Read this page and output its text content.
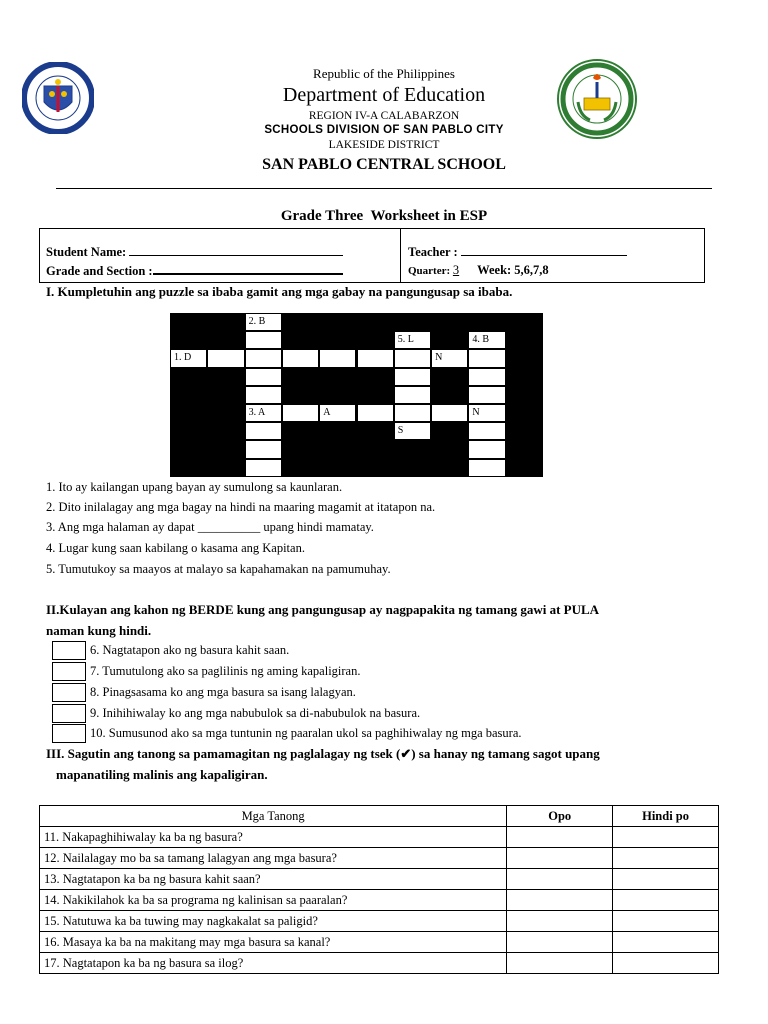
Republic of the Philippines
Department of Education
REGION IV-A CALABARZON
SCHOOLS DIVISION OF SAN PABLO CITY
LAKESIDE DISTRICT
SAN PABLO CENTRAL SCHOOL
Grade Three  Worksheet in ESP
Student Name:
Grade and Section :
Teacher :
Quarter: 3 Week: 5,6,7,8
I. Kumpletuhin ang puzzle sa ibaba gamit ang mga gabay na pangungusap sa ibaba.
2. B
5. L	4. B
1. D	N
3. A	A	N
S
1. Ito ay kailangan upang bayan ay sumulong sa kaunlaran.
2. Dito inilalagay ang mga bagay na hindi na maaring magamit at itatapon na.
3. Ang mga halaman ay dapat __________ upang hindi mamatay.
4. Lugar kung saan kabilang o kasama ang Kapitan.
5. Tumutukoy sa maayos at malayo sa kapahamakan na pamumuhay.
II.Kulayan ang kahon ng BERDE kung ang pangungusap ay nagpapakita ng tamang gawi at PULA
naman kung hindi.
6. Nagtatapon ako ng basura kahit saan.
7. Tumutulong ako sa paglilinis ng aming kapaligiran.
8. Pinagsasama ko ang mga basura sa isang lalagyan.
9. Inihihiwalay ko ang mga nabubulok sa di-nabubulok na basura.
10. Sumusunod ako sa mga tuntunin ng paaralan ukol sa paghihiwalay ng mga basura.
III. Sagutin ang tanong sa pamamagitan ng paglalagay ng tsek (✔) sa hanay ng tamang sagot upang
mapanatiling malinis ang kapaligiran.
Mga Tanong	Opo	Hindi po
11. Nakapaghihiwalay ka ba ng basura?		
12. Nailalagay mo ba sa tamang lalagyan ang mga basura?		
13. Nagtatapon ka ba ng basura kahit saan?		
14. Nakikilahok ka ba sa programa ng kalinisan sa paaralan?		
15. Natutuwa ka ba tuwing may nagkakalat sa paligid?		
16. Masaya ka ba na makitang may mga basura sa kanal?		
17. Nagtatapon ka ba ng basura sa ilog?		
